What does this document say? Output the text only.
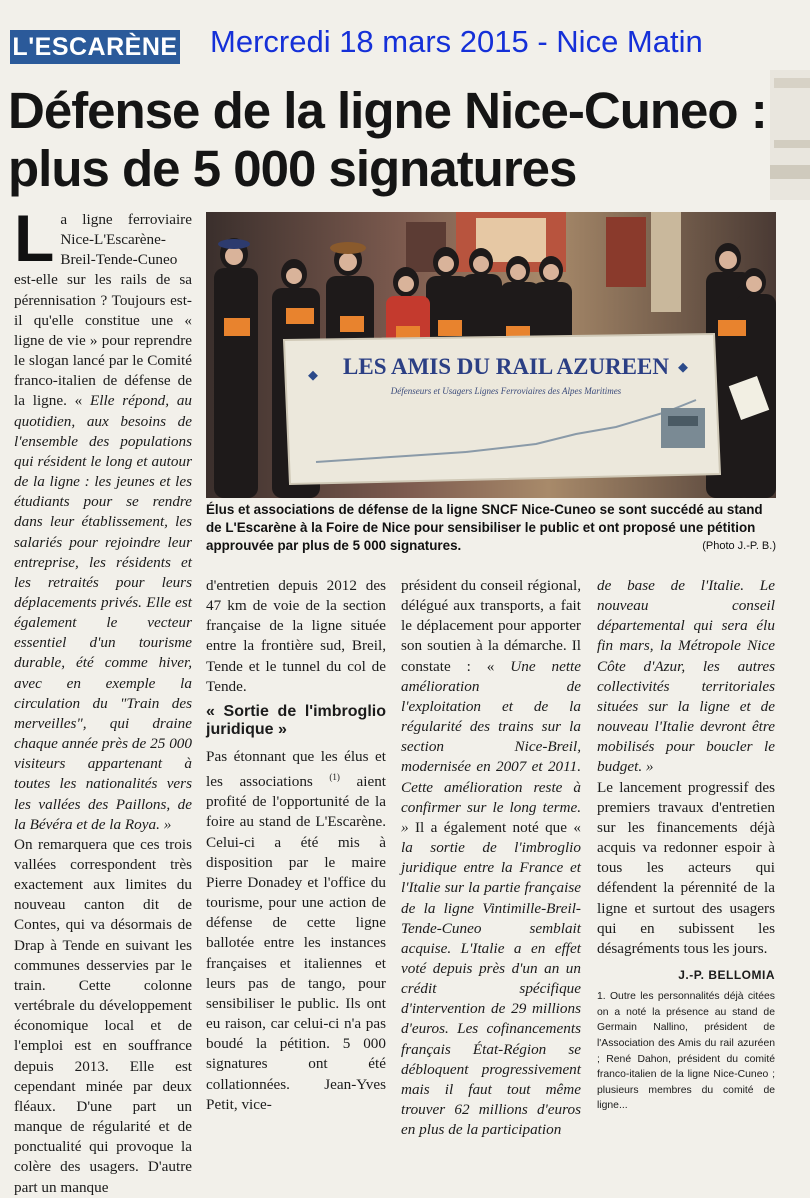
L'ESCARÈNE Mercredi 18 mars 2015 - Nice Matin
Défense de la ligne Nice-Cuneo :
plus de 5 000 signatures

La ligne ferroviaire Nice-L'Escarène-Breil-Tende-Cuneo est-elle sur les rails de sa pérennisation ? Toujours est-il qu'elle constitue une « ligne de vie » pour reprendre le slogan lancé par le Comité franco-italien de défense de la ligne. « Elle répond, au quotidien, aux besoins de l'ensemble des populations qui résident le long et autour de la ligne : les jeunes et les étudiants pour se rendre dans leur établissement, les salariés pour rejoindre leur entreprise, les résidents et les retraités pour leurs déplacements privés. Elle est également le vecteur essentiel d'un tourisme durable, été comme hiver, avec en exemple la circulation du "Train des merveilles", qui draine chaque année près de 25 000 visiteurs appartenant à toutes les nationalités vers les vallées des Paillons, de la Bévéra et de la Roya. »

On remarquera que ces trois vallées correspondent très exactement aux limites du nouveau canton dit de Contes, qui va désormais de Drap à Tende en suivant les communes desservies par le train. Cette colonne vertébrale du développement économique local et de l'emploi est en souffrance depuis 2013. Elle est cependant minée par deux fléaux. D'une part un manque de régularité et de ponctualité qui provoque la colère des usagers. D'autre part un manque

LES AMIS DU RAIL AZUREEN
Défenseurs et Usagers Lignes Ferroviaires des Alpes Maritimes
Élus et associations de défense de la ligne SNCF Nice-Cuneo se sont succédé au stand de L'Escarène à la Foire de Nice pour sensibiliser le public et ont proposé une pétition approuvée par plus de 5 000 signatures.	(Photo J.-P. B.)

d'entretien depuis 2012 des 47 km de voie de la section française de la ligne située entre la frontière sud, Breil, Tende et le tunnel du col de Tende.

« Sortie de l'imbroglio juridique »

Pas étonnant que les élus et les associations $^{(1)}$ aient profité de l'opportunité de la foire au stand de L'Escarène. Celui-ci a été mis à disposition par le maire Pierre Donadey et l'office du tourisme, pour une action de défense de cette ligne ballotée entre les instances françaises et italiennes et leurs pas de tango, pour sensibiliser le public. Ils ont eu raison, car celui-ci n'a pas boudé la pétition. 5 000 signatures ont été collationnées. Jean-Yves Petit, vice-

président du conseil régional, délégué aux transports, a fait le déplacement pour apporter son soutien à la démarche. Il constate : « Une nette amélioration de l'exploitation et de la régularité des trains sur la section Nice-Breil, modernisée en 2007 et 2011. Cette amélioration reste à confirmer sur le long terme. » Il a également noté que « la sortie de l'imbroglio juridique entre la France et l'Italie sur la partie française de la ligne Vintimille-Breil-Tende-Cuneo semblait acquise. L'Italie a en effet voté depuis près d'un an un crédit spécifique d'intervention de 29 millions d'euros. Les cofinancements français État-Région se débloquent progressivement mais il faut tout même trouver 62 millions d'euros en plus de la participation

de base de l'Italie. Le nouveau conseil départemental qui sera élu fin mars, la Métropole Nice Côte d'Azur, les autres collectivités territoriales situées sur la ligne et de nouveau l'Italie devront être mobilisés pour boucler le budget. »

Le lancement progressif des premiers travaux d'entretien sur les financements déjà acquis va redonner espoir à tous les acteurs qui défendent la pérennité de la ligne et surtout des usagers qui en subissent les désagréments tous les jours.

J.-P. BELLOMIA
1. Outre les personnalités déjà citées on a noté la présence au stand de Germain Nallino, président de l'Association des Amis du rail azuréen ; René Dahon, président du comité franco-italien de la ligne Nice-Cuneo ; plusieurs membres du comité de ligne...
